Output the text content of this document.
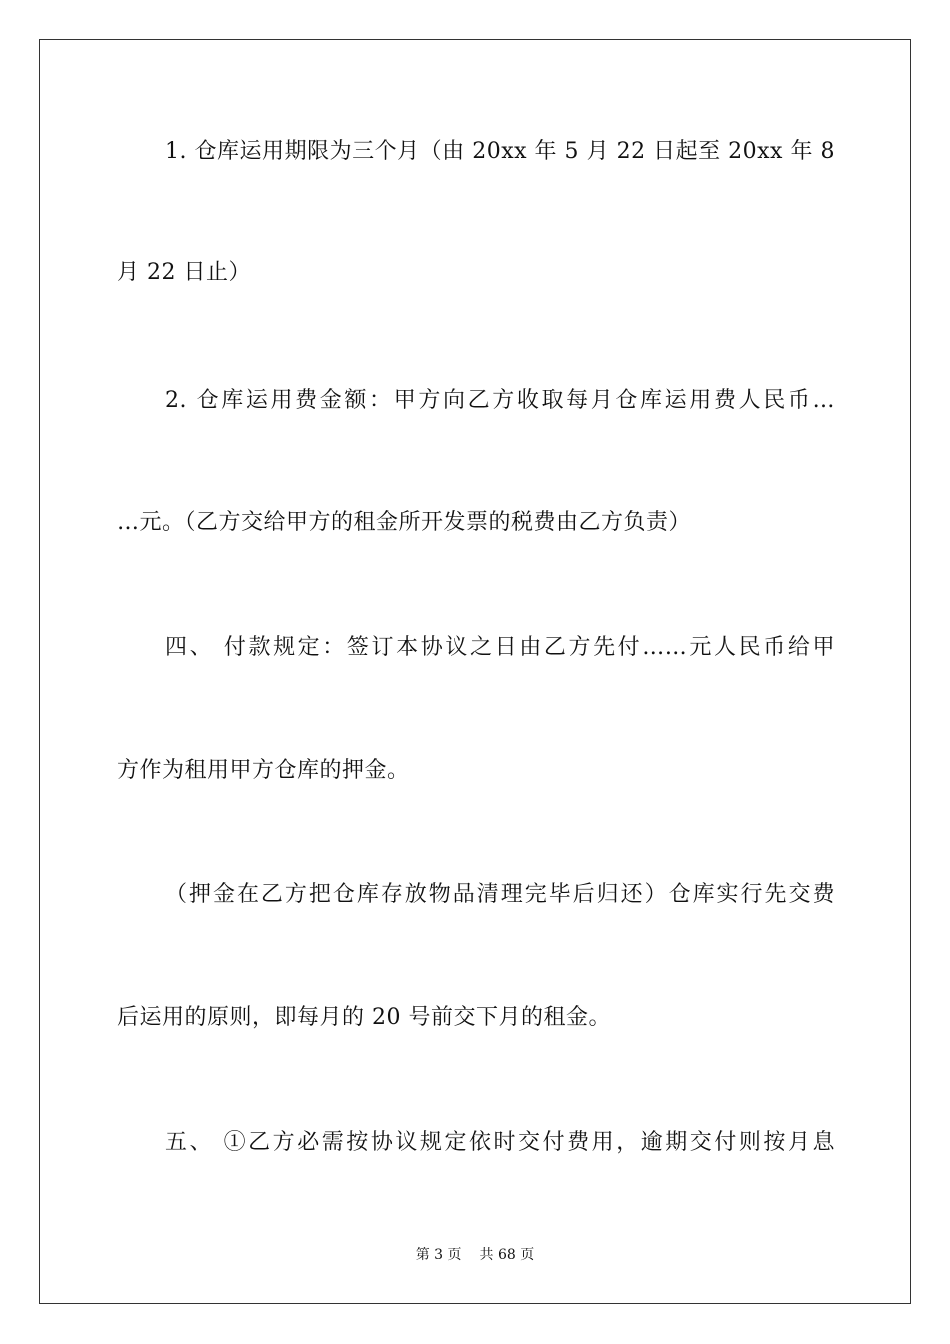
1. 仓库运用期限为三个月（由 20xx 年 5 月 22 日起至 20xx 年 8
月 22 日止）
2. 仓库运用费金额：甲方向乙方收取每月仓库运用费人民币…
…元。（乙方交给甲方的租金所开发票的税费由乙方负责）
四、 付款规定：签订本协议之日由乙方先付……元人民币给甲
方作为租用甲方仓库的押金。
（押金在乙方把仓库存放物品清理完毕后归还）仓库实行先交费
后运用的原则，即每月的 20 号前交下月的租金。
五、 ①乙方必需按协议规定依时交付费用，逾期交付则按月息
第 3 页 共 68 页
